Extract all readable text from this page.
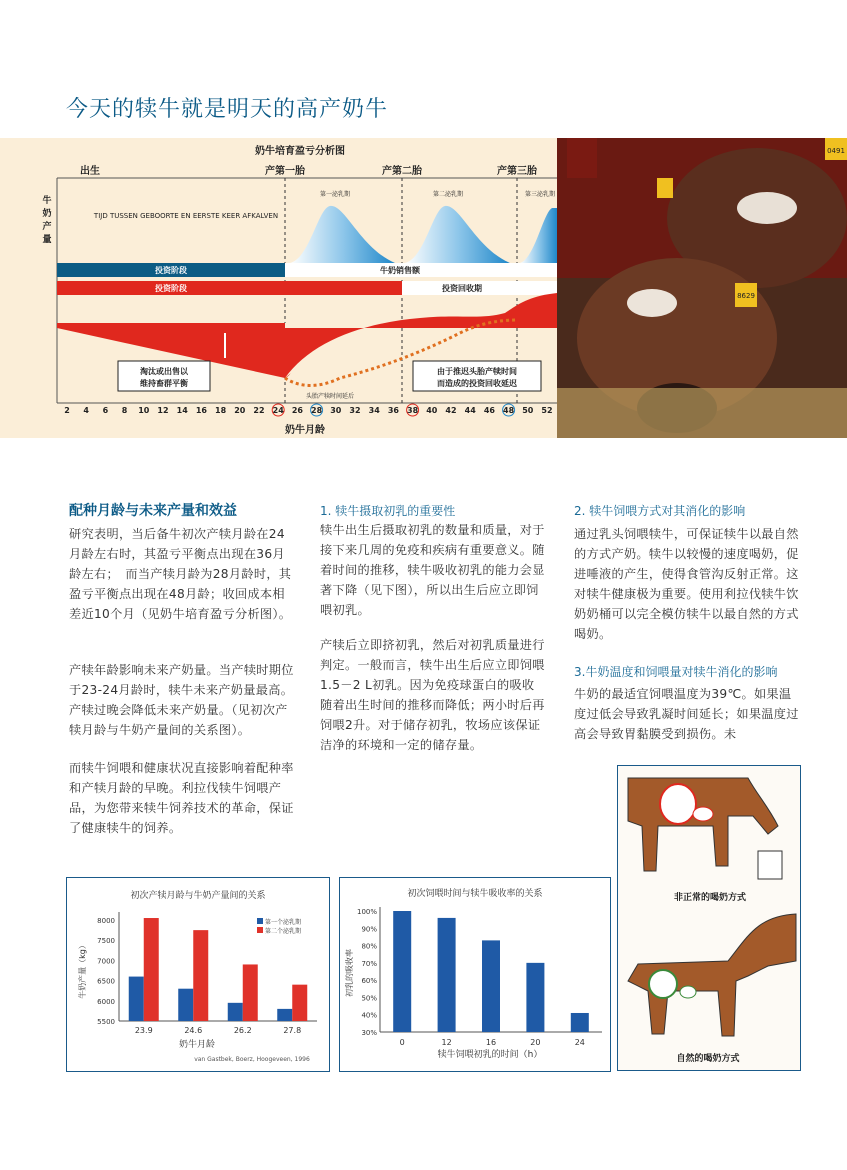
今天的犊牛就是明天的高产奶牛
奶牛培育盈亏分析图
出生	产第一胎	产第二胎	产第三胎
牛
奶
产
量
第一泌乳期	第二泌乳期	第三泌乳期
TIJD TUSSEN GEBOORTE EN EERSTE KEER AFKALVEN
投资阶段	牛奶销售额
投资阶段	投资回收期
淘汰或出售以
维持畜群平衡
由于推迟头胎产犊时间
而造成的投资回收延迟
头胎产犊时间延后
2 4 6 8 10 12 14 16 18 20 22 24 26 28 30 32 34 36 38 40 42 44 46 48 50 52
奶牛月龄
0491
8629
配种月龄与未来产量和效益
研究表明，当后备牛初次产犊月龄在24月龄左右时，其盈亏平衡点出现在36月龄左右；　而当产犊月龄为28月龄时，其盈亏平衡点出现在48月龄；收回成本相差近10个月（见奶牛培育盈亏分析图）。
产犊年龄影响未来产奶量。当产犊时期位于23-24月龄时，犊牛未来产奶量最高。产犊过晚会降低未来产奶量。（见初次产犊月龄与牛奶产量间的关系图）。
而犊牛饲喂和健康状况直接影响着配种率和产犊月龄的早晚。利拉伐犊牛饲喂产品，为您带来犊牛饲养技术的革命，保证了健康犊牛的饲养。
1. 犊牛摄取初乳的重要性
犊牛出生后摄取初乳的数量和质量，对于接下来几周的免疫和疾病有重要意义。随着时间的推移，犊牛吸收初乳的能力会显著下降（见下图），所以出生后应立即饲喂初乳。
产犊后立即挤初乳，然后对初乳质量进行判定。一般而言，犊牛出生后应立即饲喂 1.5－2 L初乳。因为免疫球蛋白的吸收随着出生时间的推移而降低；两小时后再饲喂2升。对于储存初乳，牧场应该保证洁净的环境和一定的储存量。
2. 犊牛饲喂方式对其消化的影响
通过乳头饲喂犊牛，可保证犊牛以最自然的方式产奶。犊牛以较慢的速度喝奶，促进唾液的产生，使得食管沟反射正常。这对犊牛健康极为重要。使用利拉伐犊牛饮奶奶桶可以完全模仿犊牛以最自然的方式喝奶。
3.牛奶温度和饲喂量对犊牛消化的影响
牛奶的最适宜饲喂温度为39℃。如果温度过低会导致乳凝时间延长；如果温度过高会导致胃黏膜受到损伤。未
非正常的喝奶方式
自然的喝奶方式
初次产犊月龄与牛奶产量间的关系
8000
7500
7000
6500
6000
5500
23.9	24.6	26.2	27.8
第一个泌乳期
第二个泌乳期
奶牛月龄
牛奶产量（kg）
van Gastbek, Boerz, Hoogeveen, 1996
初次饲喂时间与犊牛吸收率的关系
100%
90%
80%
70%
60%
50%
40%
30%
0	12	16	20	24
犊牛饲喂初乳的时间（h）
初乳的吸收率
